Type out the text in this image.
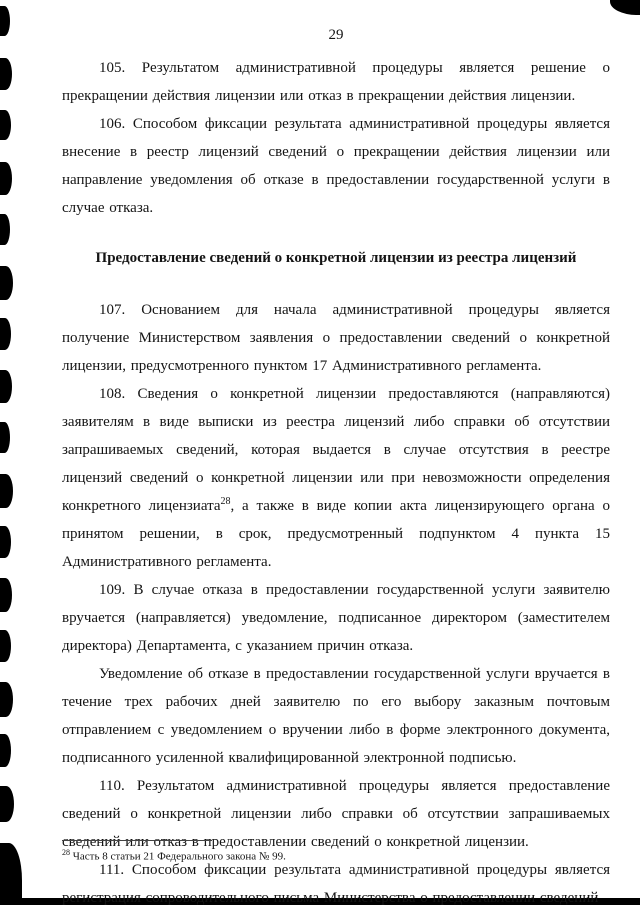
29

105. Результатом административной процедуры является решение о прекращении действия лицензии или отказ в прекращении действия лицензии.

106. Способом фиксации результата административной процедуры является внесение в реестр лицензий сведений о прекращении действия лицензии или направление уведомления об отказе в предоставлении государственной услуги в случае отказа.

Предоставление сведений о конкретной лицензии из реестра лицензий

107. Основанием для начала административной процедуры является получение Министерством заявления о предоставлении сведений о конкретной лицензии, предусмотренного пунктом 17 Административного регламента.

108. Сведения о конкретной лицензии предоставляются (направляются) заявителям в виде выписки из реестра лицензий либо справки об отсутствии запрашиваемых сведений, которая выдается в случае отсутствия в реестре лицензий сведений о конкретной лицензии или при невозможности определения конкретного лицензиата$^{28}$, а также в виде копии акта лицензирующего органа о принятом решении, в срок, предусмотренный подпунктом 4 пункта 15 Административного регламента.

109. В случае отказа в предоставлении государственной услуги заявителю вручается (направляется) уведомление, подписанное директором (заместителем директора) Департамента, с указанием причин отказа.

Уведомление об отказе в предоставлении государственной услуги вручается в течение трех рабочих дней заявителю по его выбору заказным почтовым отправлением с уведомлением о вручении либо в форме электронного документа, подписанного усиленной квалифицированной электронной подписью.

110. Результатом административной процедуры является предоставление сведений о конкретной лицензии либо справки об отсутствии запрашиваемых сведений или отказ в предоставлении сведений о конкретной лицензии.

111. Способом фиксации результата административной процедуры является регистрация сопроводительного письма Министерства о предоставлении сведений

$^{28}$ Часть 8 статьи 21 Федерального закона № 99.
